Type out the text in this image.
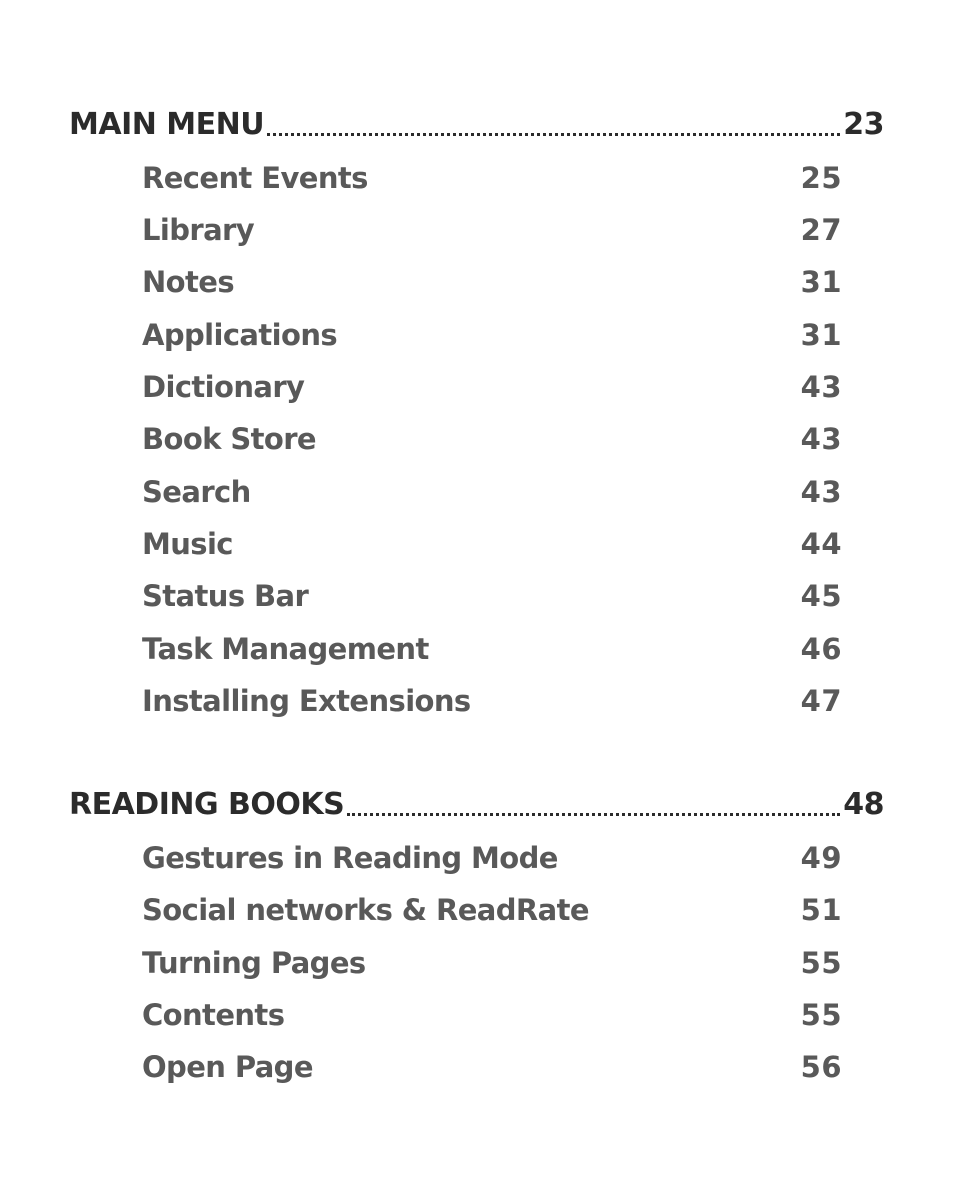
MAIN MENU	23
Recent Events	25
Library	27
Notes	31
Applications	31
Dictionary	43
Book Store	43
Search	43
Music	44
Status Bar	45
Task Management	46
Installing Extensions	47
READING BOOKS	48
Gestures in Reading Mode	49
Social networks & ReadRate	51
Turning Pages	55
Contents	55
Open Page	56
